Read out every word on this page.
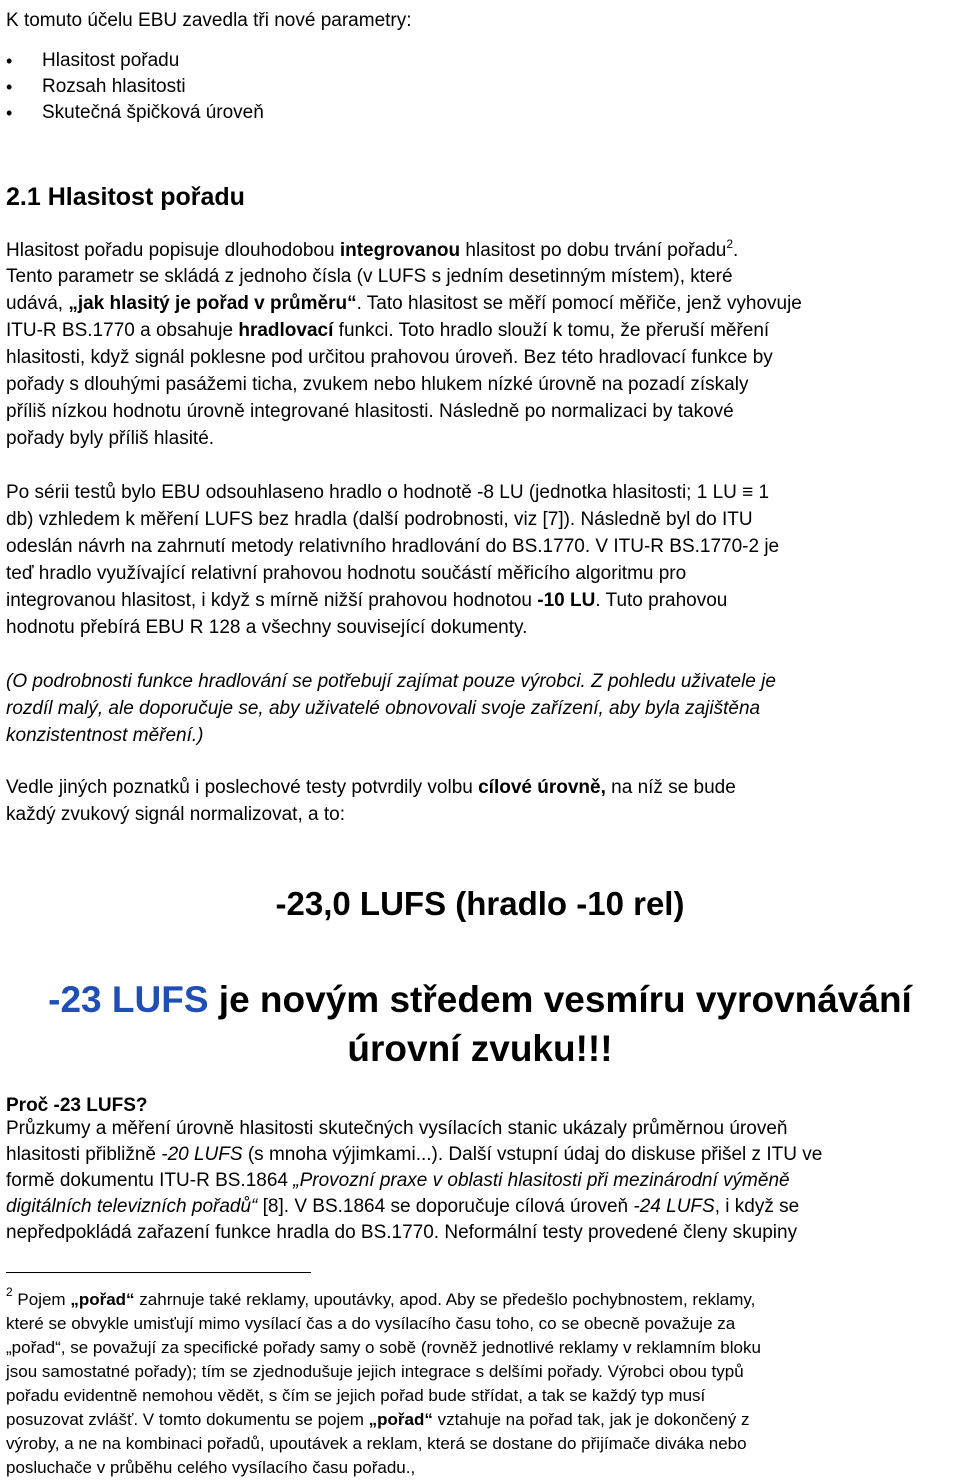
K tomuto účelu EBU zavedla tři nové parametry:
• Hlasitost pořadu
• Rozsah hlasitosti
• Skutečná špičková úroveň
2.1 Hlasitost pořadu
Hlasitost pořadu popisuje dlouhodobou integrovanou hlasitost po dobu trvání pořadu$^2$.
Tento parametr se skládá z jednoho čísla (v LUFS s jedním desetinným místem), které
udává, „jak hlasitý je pořad v průměru“. Tato hlasitost se měří pomocí měřiče, jenž vyhovuje
ITU-R BS.1770 a obsahuje hradlovací funkci. Toto hradlo slouží k tomu, že přeruší měření
hlasitosti, když signál poklesne pod určitou prahovou úroveň. Bez této hradlovací funkce by
pořady s dlouhými pasážemi ticha, zvukem nebo hlukem nízké úrovně na pozadí získaly
příliš nízkou hodnotu úrovně integrované hlasitosti. Následně po normalizaci by takové
pořady byly příliš hlasité.
Po sérii testů bylo EBU odsouhlaseno hradlo o hodnotě -8 LU (jednotka hlasitosti; 1 LU ≡ 1
db) vzhledem k měření LUFS bez hradla (další podrobnosti, viz [7]). Následně byl do ITU
odeslán návrh na zahrnutí metody relativního hradlování do BS.1770. V ITU-R BS.1770-2 je
teď hradlo využívající relativní prahovou hodnotu součástí měřicího algoritmu pro
integrovanou hlasitost, i když s mírně nižší prahovou hodnotou -10 LU. Tuto prahovou
hodnotu přebírá EBU R 128 a všechny související dokumenty.
(O podrobnosti funkce hradlování se potřebují zajímat pouze výrobci. Z pohledu uživatele je
rozdíl malý, ale doporučuje se, aby uživatelé obnovovali svoje zařízení, aby byla zajištěna
konzistentnost měření.)
Vedle jiných poznatků i poslechové testy potvrdily volbu cílové úrovně, na níž se bude
každý zvukový signál normalizovat, a to:
-23,0 LUFS (hradlo -10 rel)
-23 LUFS je novým středem vesmíru vyrovnávání
úrovní zvuku!!!
Proč -23 LUFS?
Průzkumy a měření úrovně hlasitosti skutečných vysílacích stanic ukázaly průměrnou úroveň
hlasitosti přibližně -20 LUFS (s mnoha výjimkami...). Další vstupní údaj do diskuse přišel z ITU ve
formě dokumentu ITU-R BS.1864 „Provozní praxe v oblasti hlasitosti při mezinárodní výměně
digitálních televizních pořadů“ [8]. V BS.1864 se doporučuje cílová úroveň -24 LUFS, i když se
nepředpokládá zařazení funkce hradla do BS.1770. Neformální testy provedené členy skupiny
$^2$ Pojem „pořad“ zahrnuje také reklamy, upoutávky, apod. Aby se předešlo pochybnostem, reklamy,
které se obvykle umisťují mimo vysílací čas a do vysílacího času toho, co se obecně považuje za
„pořad“, se považují za specifické pořady samy o sobě (rovněž jednotlivé reklamy v reklamním bloku
jsou samostatné pořady); tím se zjednodušuje jejich integrace s delšími pořady. Výrobci obou typů
pořadu evidentně nemohou vědět, s čím se jejich pořad bude střídat, a tak se každý typ musí
posuzovat zvlášť. V tomto dokumentu se pojem „pořad“ vztahuje na pořad tak, jak je dokončený z
výroby, a ne na kombinaci pořadů, upoutávek a reklam, která se dostane do přijímače diváka nebo
posluchače v průběhu celého vysílacího času pořadu.,
